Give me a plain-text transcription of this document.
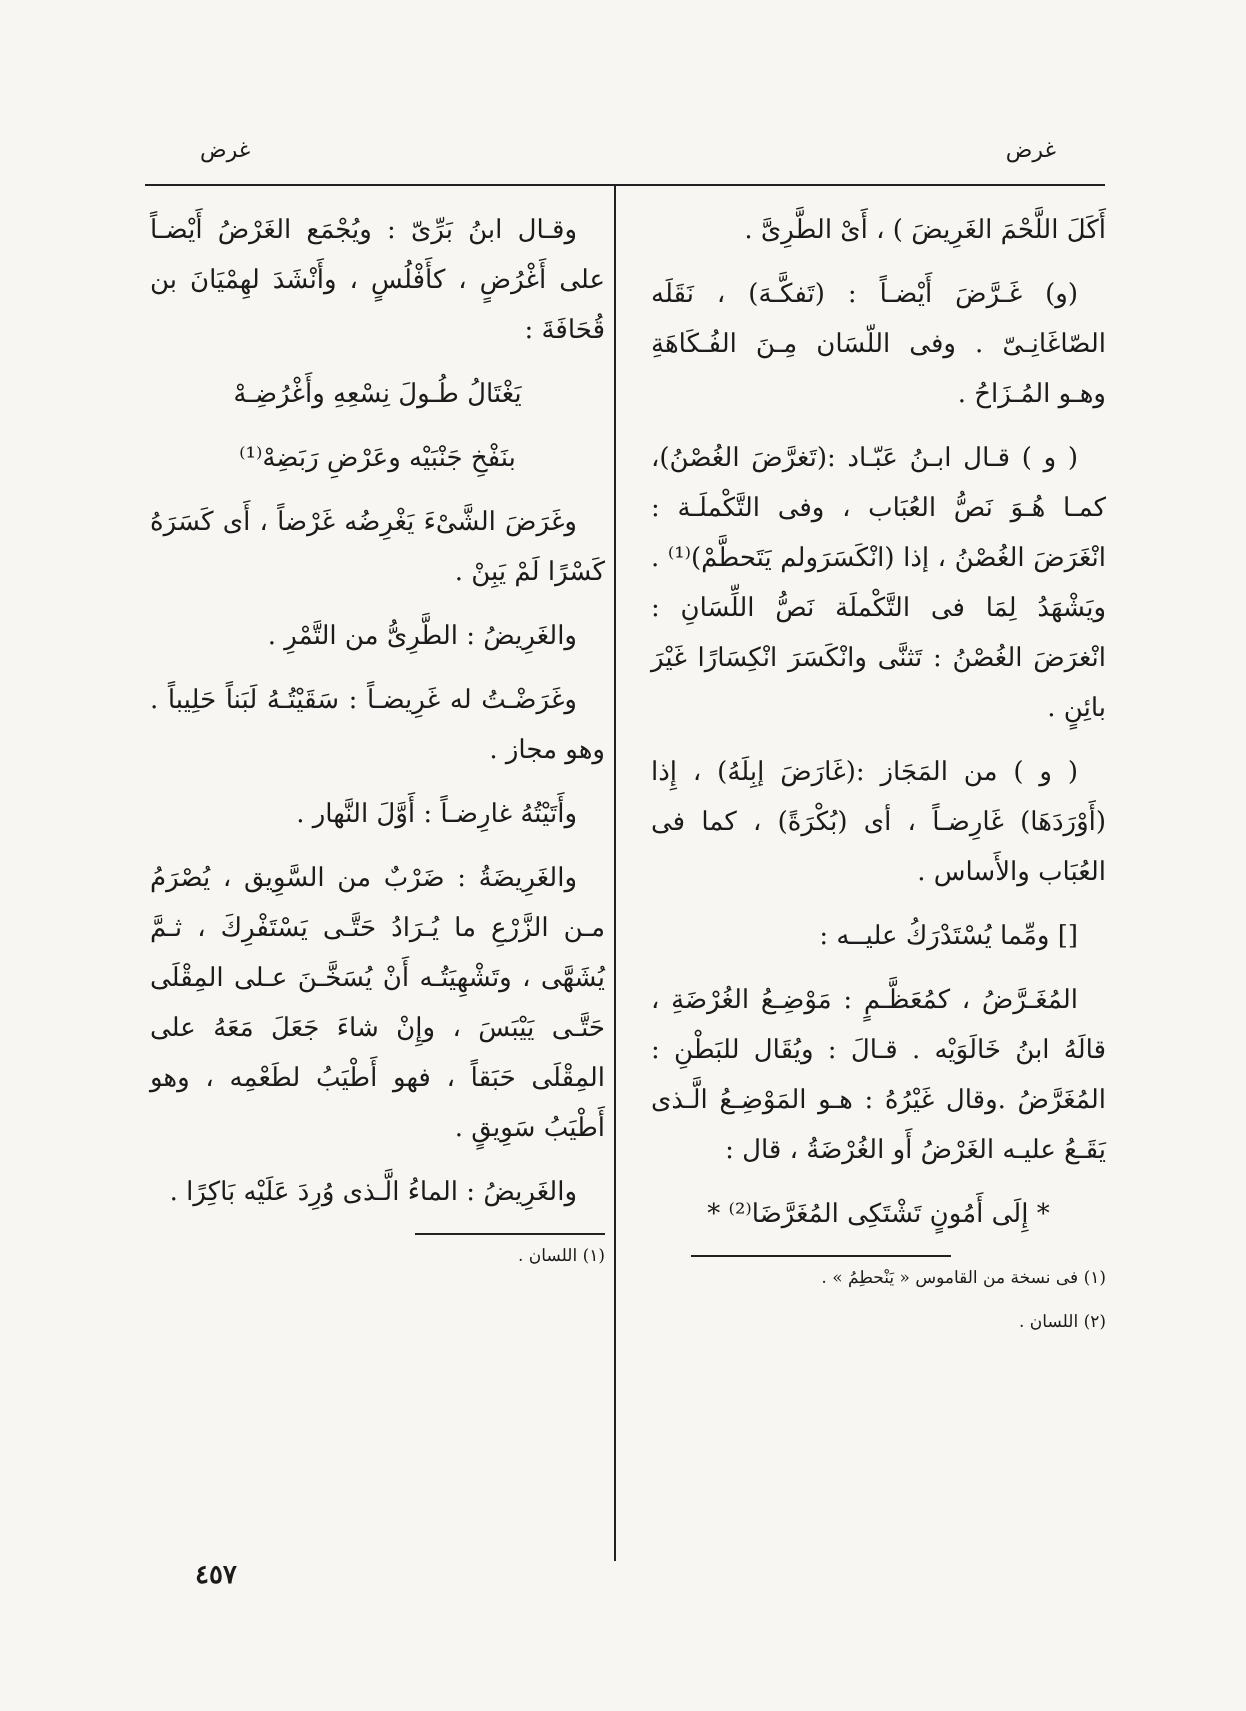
غرض
غرض

أَكَلَ اللَّحْمَ الغَرِيضَ ) ، أَىْ الطَّرِىَّ .

(و) غَـرَّضَ أَيْضـاً : (تَفكَّـهَ) ، نَقَلَه الصّاغَانِـىّ . وفى اللّسَان مِـنَ الفُـكَاهَةِ وهـو المُـزَاحُ .

( و ) قـال ابـنُ عَبّـاد :(تَغرَّضَ الغُصْنُ)، كمـا هُـوَ نَصُّ العُبَاب ، وفى التَّكْملَـة : انْغَرَضَ الغُصْنُ ، إذا (انْكَسَرَولم يَتَحطَّمْ)⁽¹⁾ . ويَشْهَدُ لِمَا فى التَّكْملَة نَصُّ اللِّسَانِ : انْغرَضَ الغُصْنُ : تَثنَّى وانْكَسَرَ انْكِسَارًا غَيْرَ بائِنٍ .

( و ) من المَجَاز :(غَارَضَ إبِلَهُ) ، إِذا (أَوْرَدَهَا) غَارِضـاً ، أى (بُكْرَةً) ، كما فى العُبَاب والأَساس .

[] ومِّما يُسْتَدْرَكُ عليــه :

المُغَـرَّضُ ، كمُعَظَّـمٍ : مَوْضِـعُ الغُرْضَةِ ، قالَهُ ابنُ خَالَوَيْه . قـالَ : ويُقَال للبَطْنِ : المُغَرَّضُ .وقال غَيْرُهُ : هـو المَوْضِـعُ الَّـذى يَقَـعُ عليـه الغَرْضُ أَو الغُرْضَةُ ، قال :

* إِلَى أَمُونٍ تَشْتَكِى المُغَرَّضَا⁽²⁾ *

(١) فى نسخة من القاموس « يَنْحطِمُ » .

(٢) اللسان .

وقـال ابنُ بَرِّىّ : ويُجْمَع الغَرْضُ أَيْضـاً على أَغْرُضٍ ، كأَفْلُسٍ ، وأَنْشَدَ لهِمْيَانَ بن قُحَافَةَ :

يَغْتَالُ طُـولَ نِسْعِهِ وأَغْرُضِـهْ

بنَفْخِ جَنْبَيْه وعَرْضِ رَبَضِهْ⁽¹⁾

وغَرَضَ الشَّىْءَ يَغْرِضُه غَرْضاً ، أَى كَسَرَهُ كَسْرًا لَمْ يَبِنْ .

والغَرِيضُ : الطَّرِىُّ من التَّمْرِ .

وغَرَضْـتُ له غَرِيضـاً : سَقَيْتُـهُ لَبَناً حَلِيباً . وهو مجاز .

وأَتَيْتُهُ غارِضـاً : أَوَّلَ النَّهار .

والغَرِيضَةُ : ضَرْبٌ من السَّوِيق ، يُصْرَمُ مـن الزَّرْعِ ما يُـرَادُ حَتَّـى يَسْتَفْرِكَ ، ثـمَّ يُشَهَّى ، وتَشْهِيَتُـه أَنْ يُسَخَّـنَ عـلى المِقْلَى حَتَّـى يَيْبَسَ ، وإِنْ شاءَ جَعَلَ مَعَهُ على المِقْلَى حَبَقاً ، فهو أَطْيَبُ لطَعْمِه ، وهو أَطْيَبُ سَوِيقٍ .

والغَرِيضُ : الماءُ الَّـذى وُرِدَ عَلَيْه بَاكِرًا .

(١) اللسان .

٤٥٧
